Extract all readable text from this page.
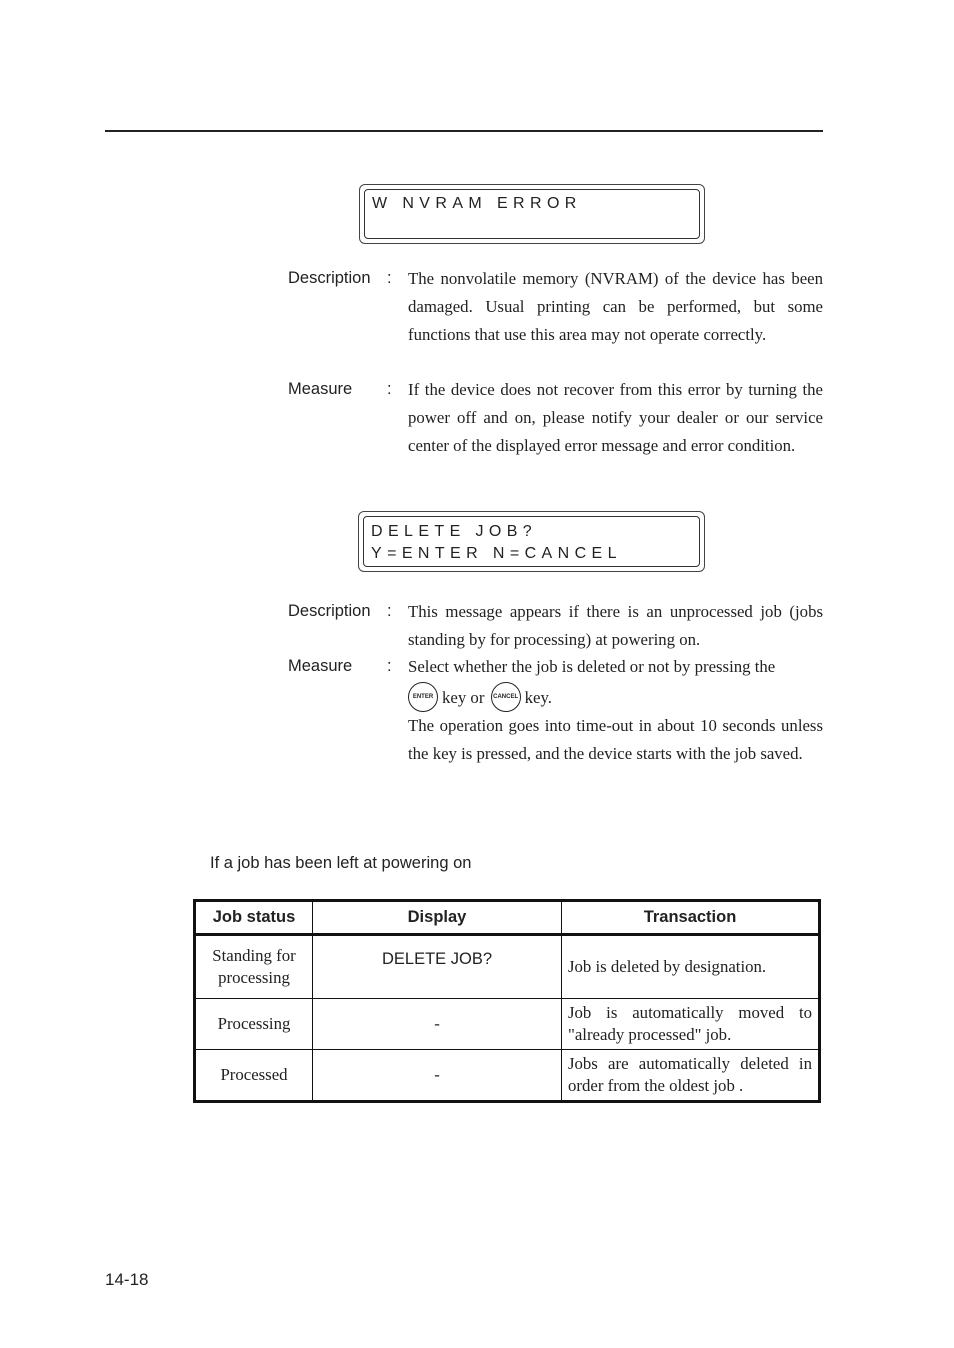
W NVRAM ERROR
Description : The nonvolatile memory (NVRAM) of the device has been damaged. Usual printing can be performed, but some functions that use this area may not operate correctly.
Measure : If the device does not recover from this error by turning the power off and on, please notify your dealer or our service center of the displayed error message and error condition.
DELETE JOB?
Y=ENTER N=CANCEL
Description : This message appears if there is an unprocessed job (jobs standing by for processing) at powering on.
Measure : Select whether the job is deleted or not by pressing the

ENTER key or CANCEL key.

The operation goes into time-out in about 10 seconds unless the key is pressed, and the device starts with the job saved.

If a job has been left at powering on
Job status	Display	Transaction
Standing for processing	DELETE JOB?	Job is deleted by designation.
Processing	-	Job is automatically moved to "already processed" job.
Processed	-	Jobs are automatically deleted in order from the oldest job .
14-18
